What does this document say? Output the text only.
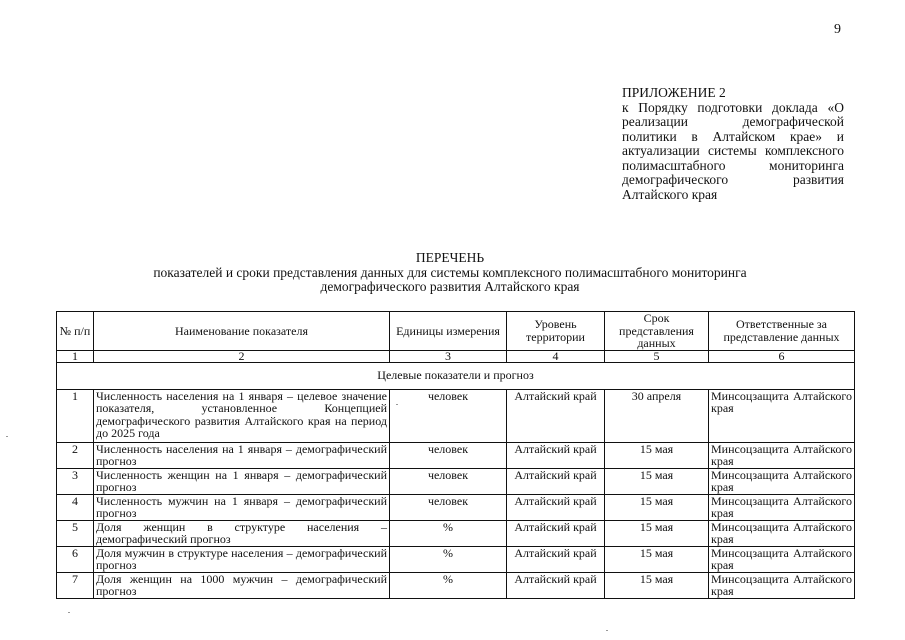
9
ПРИЛОЖЕНИЕ 2
к Порядку подготовки доклада «О реализации демографической политики в Алтайском крае» и актуализации системы комплексного полимасштабного мониторинга демографического развития Алтайского края
ПЕРЕЧЕНЬ
показателей и сроки представления данных для системы комплексного полимасштабного мониторинга демографического развития Алтайского края
№ п/п	Наименование показателя	Единицы измерения	Уровень территории	Срок представления данных	Ответственные за представление данных
1	2	3	4	5	6
Целевые показатели и прогноз					
1	Численность населения на 1 января – целевое значение показателя, установленное Концепцией демографического развития Алтайского края на период до 2025 года	человек	Алтайский край	30 апреля	Минсоцзащита Алтайского края
2	Численность населения на 1 января – демографический прогноз	человек	Алтайский край	15 мая	Минсоцзащита Алтайского края
3	Численность женщин на 1 января – демографический прогноз	человек	Алтайский край	15 мая	Минсоцзащита Алтайского края
4	Численность мужчин на 1 января – демографический прогноз	человек	Алтайский край	15 мая	Минсоцзащита Алтайского края
5	Доля женщин в структуре населения – демографический прогноз	%	Алтайский край	15 мая	Минсоцзащита Алтайского края
6	Доля мужчин в структуре населения – демографический прогноз	%	Алтайский край	15 мая	Минсоцзащита Алтайского края
7	Доля женщин на 1000 мужчин – демографический прогноз	%	Алтайский край	15 мая	Минсоцзащита Алтайского края
